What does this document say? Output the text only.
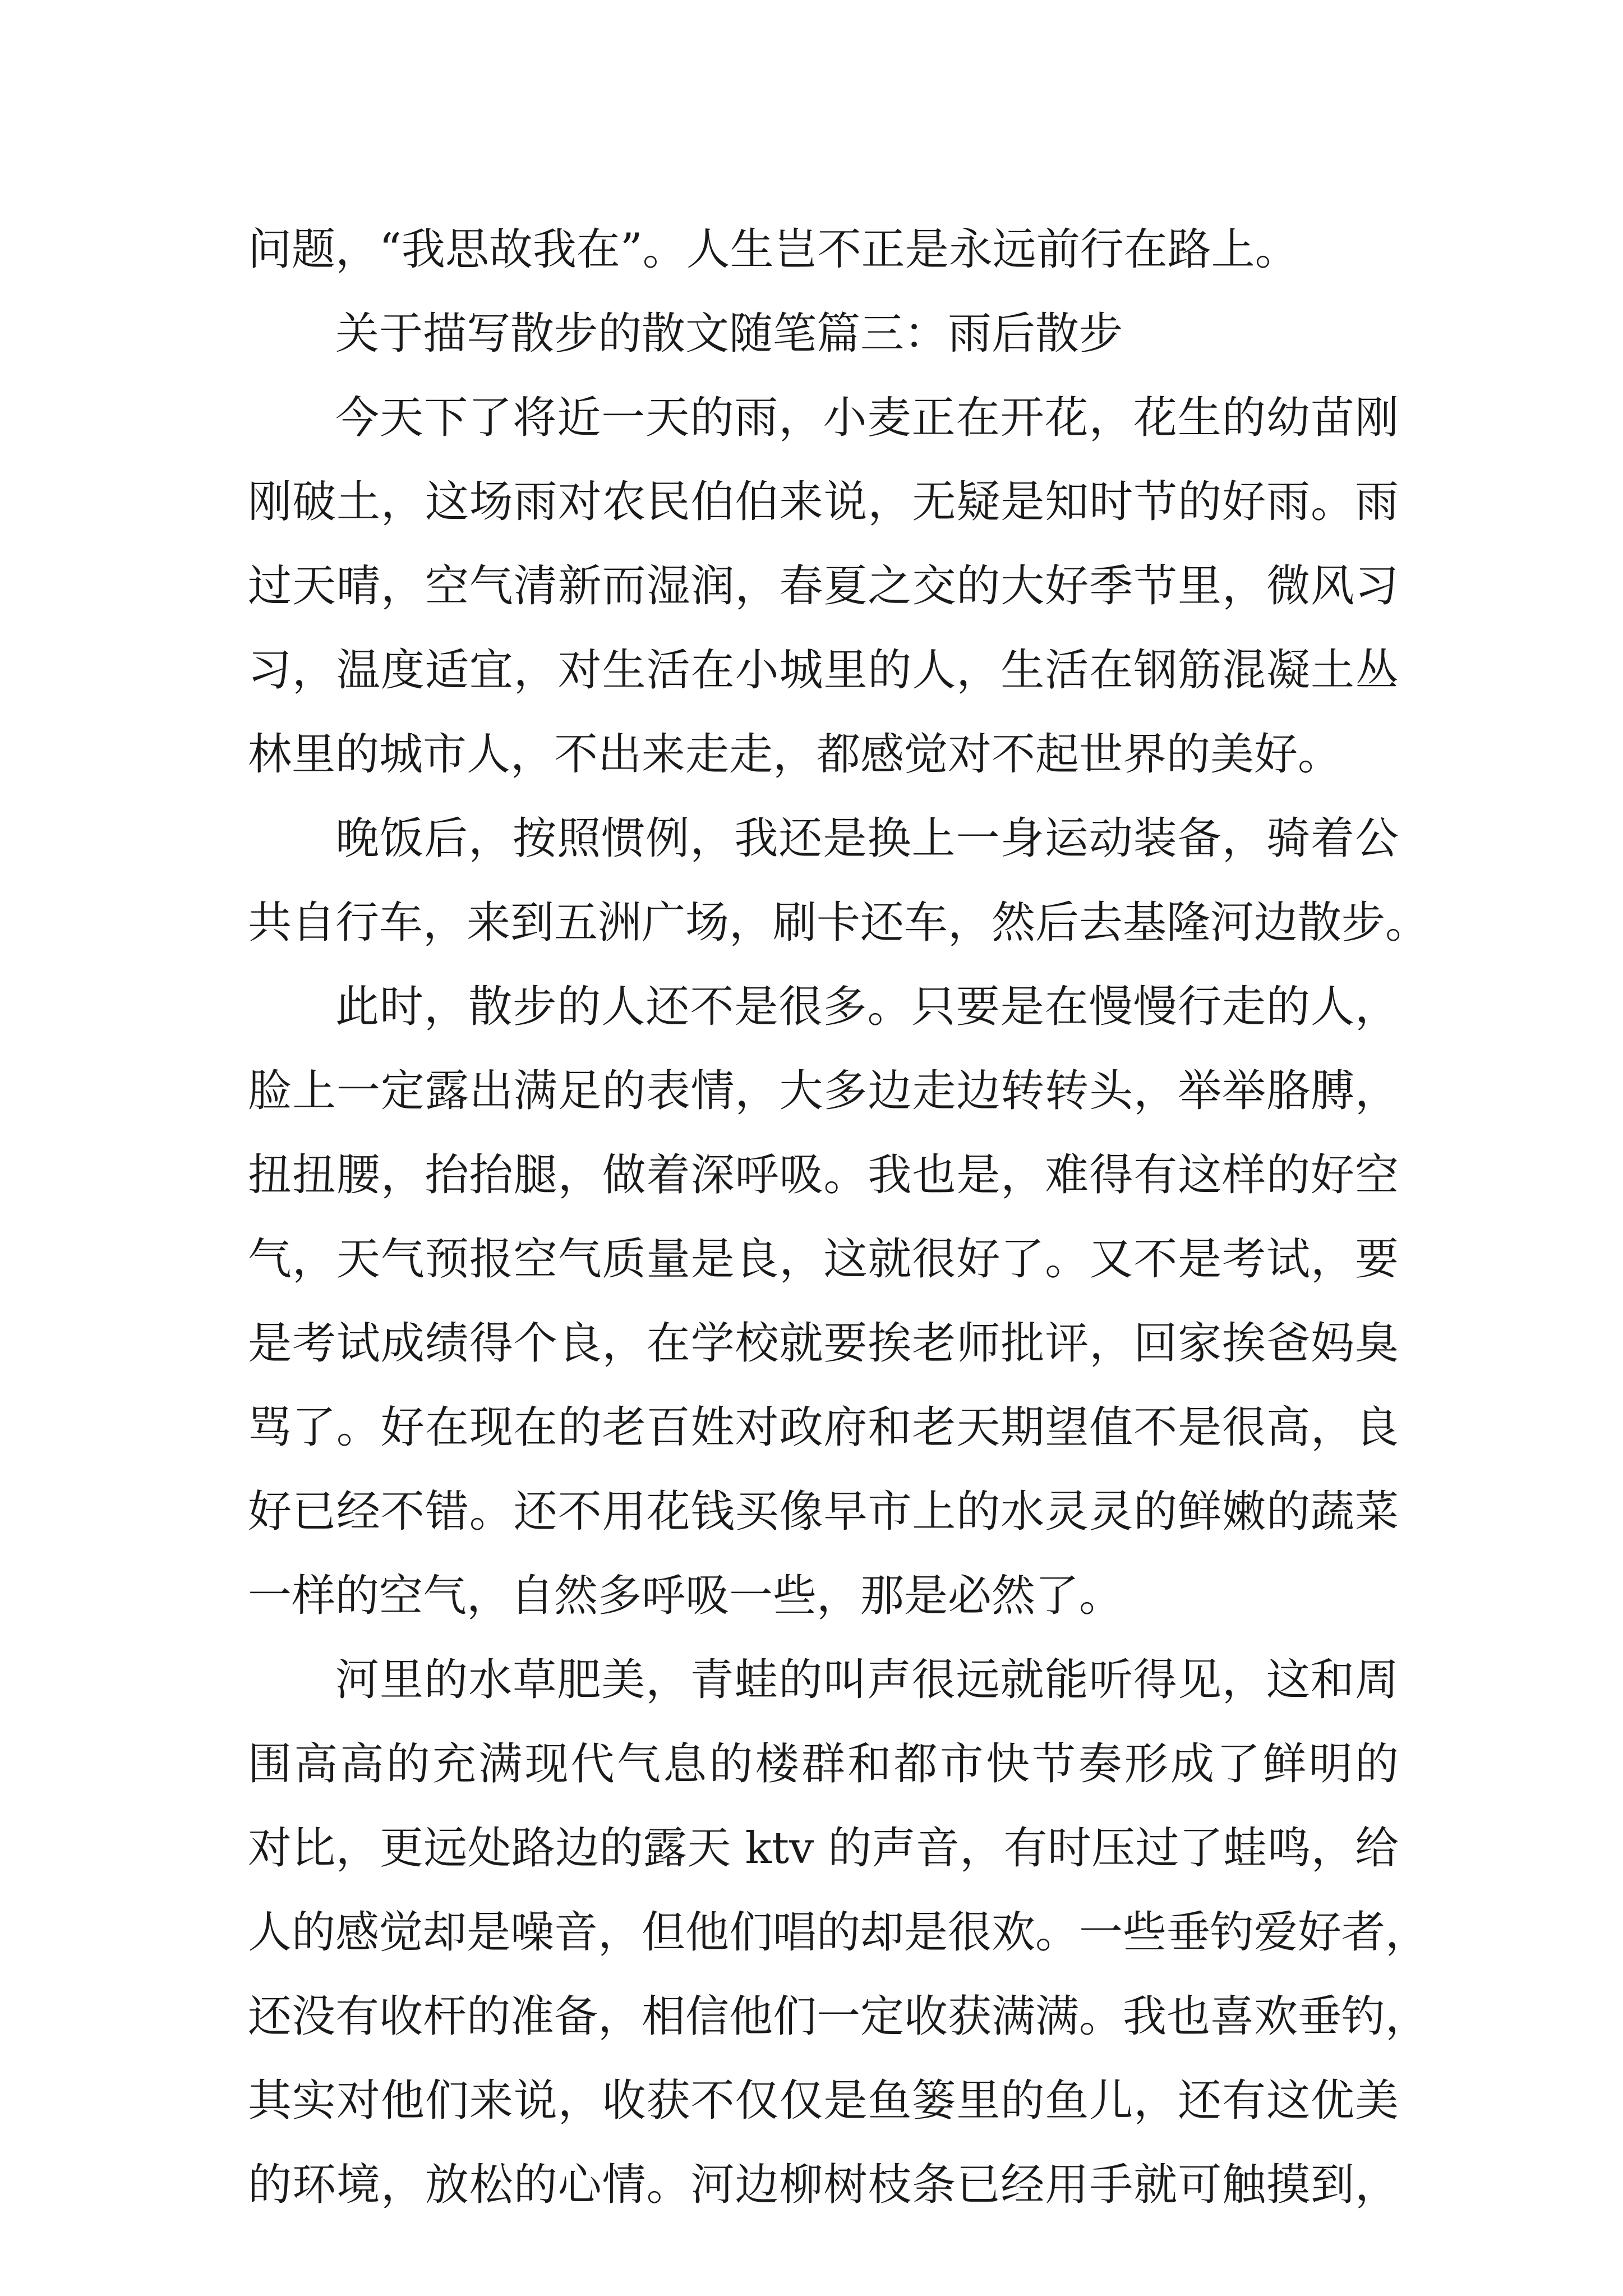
问题，“我思故我在”。人生岂不正是永远前行在路上。
关于描写散步的散文随笔篇三：雨后散步
今天下了将近一天的雨，小麦正在开花，花生的幼苗刚
刚破土，这场雨对农民伯伯来说，无疑是知时节的好雨。雨
过天晴，空气清新而湿润，春夏之交的大好季节里，微风习
习，温度适宜，对生活在小城里的人，生活在钢筋混凝土丛
林里的城市人，不出来走走，都感觉对不起世界的美好。
晚饭后，按照惯例，我还是换上一身运动装备，骑着公
共自行车，来到五洲广场，刷卡还车，然后去基隆河边散步。
此时，散步的人还不是很多。只要是在慢慢行走的人，
脸上一定露出满足的表情，大多边走边转转头，举举胳膊，
扭扭腰，抬抬腿，做着深呼吸。我也是，难得有这样的好空
气，天气预报空气质量是良，这就很好了。又不是考试，要
是考试成绩得个良，在学校就要挨老师批评，回家挨爸妈臭
骂了。好在现在的老百姓对政府和老天期望值不是很高，良
好已经不错。还不用花钱买像早市上的水灵灵的鲜嫩的蔬菜
一样的空气，自然多呼吸一些，那是必然了。
河里的水草肥美，青蛙的叫声很远就能听得见，这和周
围高高的充满现代气息的楼群和都市快节奏形成了鲜明的
对比，更远处路边的露天 ktv 的声音，有时压过了蛙鸣，给
人的感觉却是噪音，但他们唱的却是很欢。一些垂钓爱好者，
还没有收杆的准备，相信他们一定收获满满。我也喜欢垂钓，
其实对他们来说，收获不仅仅是鱼篓里的鱼儿，还有这优美
的环境，放松的心情。河边柳树枝条已经用手就可触摸到，
